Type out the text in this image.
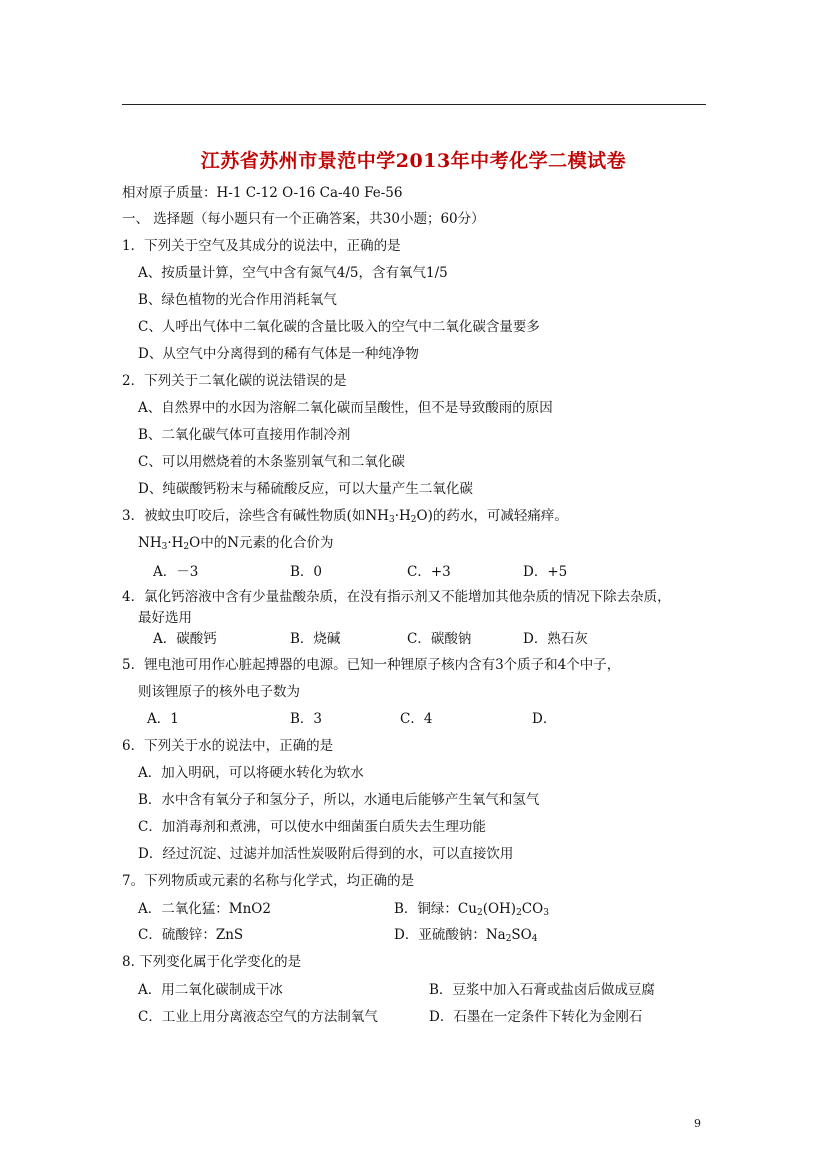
江苏省苏州市景范中学2013年中考化学二模试卷
相对原子质量：H-1 C-12 O-16 Ca-40 Fe-56
一、 选择题（每小题只有一个正确答案，共30小题；60分）
1．下列关于空气及其成分的说法中，正确的是
A、按质量计算，空气中含有氮气4/5，含有氧气1/5
B、绿色植物的光合作用消耗氧气
C、人呼出气体中二氧化碳的含量比吸入的空气中二氧化碳含量要多
D、从空气中分离得到的稀有气体是一种纯净物
2．下列关于二氧化碳的说法错误的是
A、自然界中的水因为溶解二氧化碳而呈酸性，但不是导致酸雨的原因
B、二氧化碳气体可直接用作制冷剂
C、可以用燃烧着的木条鉴别氧气和二氧化碳
D、纯碳酸钙粉末与稀硫酸反应，可以大量产生二氧化碳
3．被蚊虫叮咬后，涂些含有碱性物质(如$NH_3\cdot H_2O$)的药水，可减轻痛痒。
$NH_3\cdot H_2O$中的N元素的化合价为
A．－3	B．0	C．+3	D．+5
4．氯化钙溶液中含有少量盐酸杂质，在没有指示剂又不能增加其他杂质的情况下除去杂质，
最好选用
A．碳酸钙	B．烧碱	C．碳酸钠	D．熟石灰
5．锂电池可用作心脏起搏器的电源。已知一种锂原子核内含有3个质子和4个中子，
则该锂原子的核外电子数为
A．1	B．3	C．4	D．
6．下列关于水的说法中，正确的是
A．加入明矾，可以将硬水转化为软水
B．水中含有氧分子和氢分子，所以，水通电后能够产生氧气和氢气
C．加消毒剂和煮沸，可以使水中细菌蛋白质失去生理功能
D．经过沉淀、过滤并加活性炭吸附后得到的水，可以直接饮用
7。下列物质或元素的名称与化学式，均正确的是
A．二氧化猛：MnO2	B．铜绿：$Cu_2(OH)_2CO_3$
C．硫酸锌：ZnS	D．亚硫酸钠：$Na_2SO_4$
8. 下列变化属于化学变化的是
A．用二氧化碳制成干冰	B．豆浆中加入石膏或盐卤后做成豆腐
C．工业上用分离液态空气的方法制氧气	D．石墨在一定条件下转化为金刚石
9
